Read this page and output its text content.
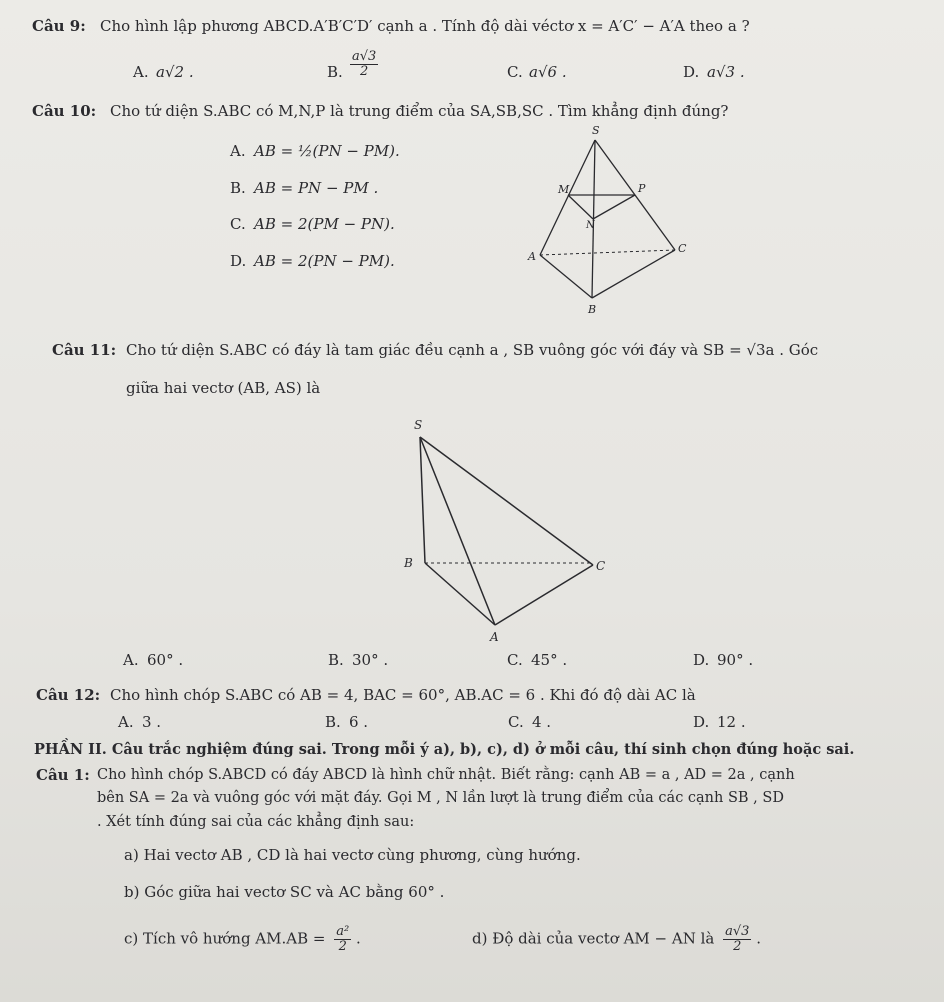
Câu 9: Cho hình lập phương ABCD.A′B′C′D′ cạnh a . Tính độ dài véctơ x = A′C′ − A′A theo a ?
A. a√2 .	B. $\frac{a√3}{2}$	C. a√6 .	D. a√3 .
Câu 10: Cho tứ diện S.ABC có M,N,P là trung điểm của SA,SB,SC . Tìm khẳng định đúng?
A. AB = ½(PN − PM).
B. AB = PN − PM .
C. AB = 2(PM − PN).
D. AB = 2(PN − PM).
S
M	P
N
A
C
B
Câu 11: Cho tứ diện S.ABC có đáy là tam giác đều cạnh a , SB vuông góc với đáy và SB = √3a . Góc
giữa hai vectơ (AB, AS) là
S
B	C
A
A. 60° .	B. 30° .	C. 45° .	D. 90° .
Câu 12: Cho hình chóp S.ABC có AB = 4, BAC = 60°, AB.AC = 6 . Khi đó độ dài AC là
A. 3 .	B. 6 .	C. 4 .	D. 12 .
PHẦN II. Câu trắc nghiệm đúng sai. Trong mỗi ý a), b), c), d) ở mỗi câu, thí sinh chọn đúng hoặc sai.
Câu 1: Cho hình chóp S.ABCD có đáy ABCD là hình chữ nhật. Biết rằng: cạnh AB = a , AD = 2a , cạnh
bên SA = 2a và vuông góc với mặt đáy. Gọi M , N lần lượt là trung điểm của các cạnh SB , SD
. Xét tính đúng sai của các khẳng định sau:
a) Hai vectơ AB , CD là hai vectơ cùng phương, cùng hướng.
b) Góc giữa hai vectơ SC và AC bằng 60° .
c) Tích vô hướng $AM.AB = \frac{\text{a²}}{2}$ .	d) Độ dài của vectơ AM − AN là $\frac{a√3}{2}$ .
